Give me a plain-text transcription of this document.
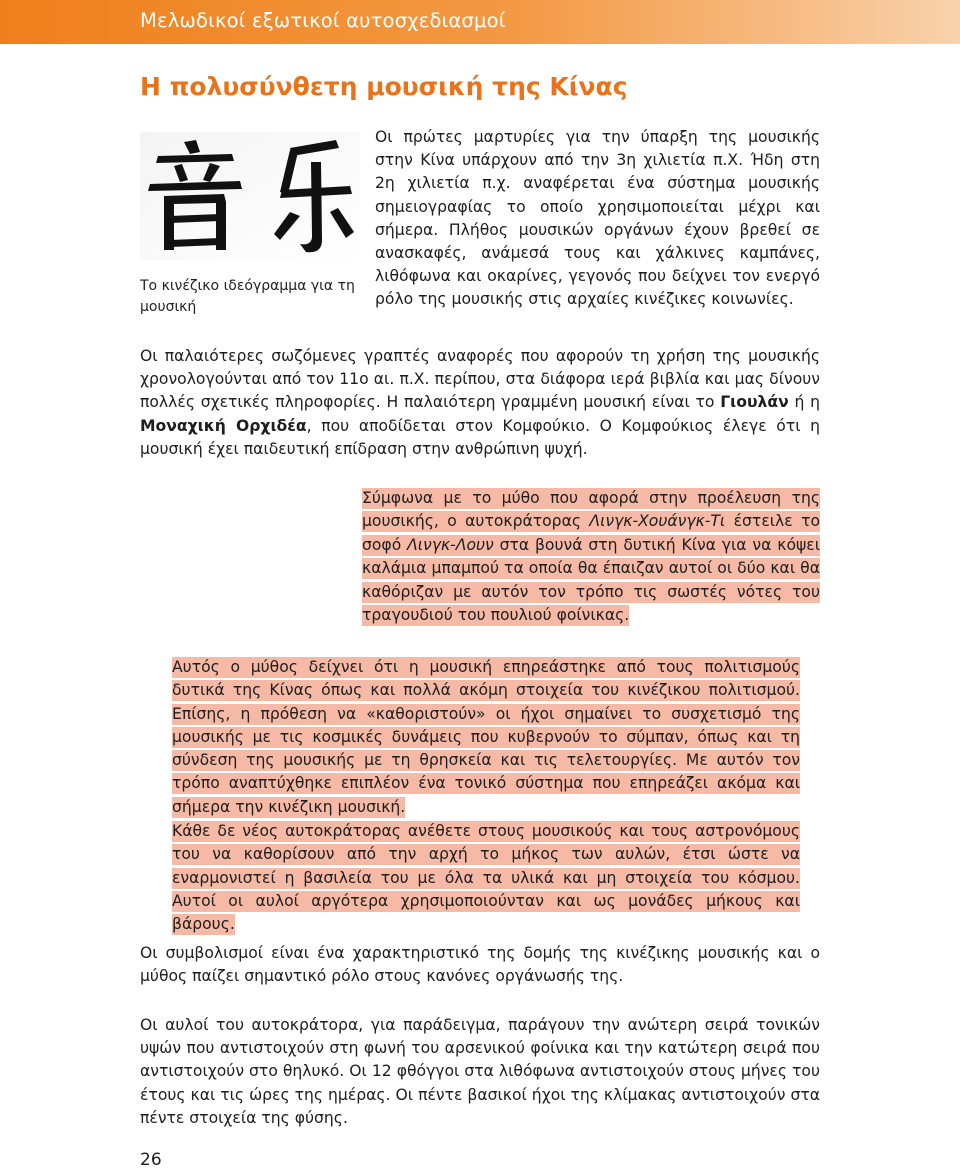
Μελωδικοί εξωτικοί αυτοσχεδιασμοί
Η πολυσύνθετη μουσική της Κίνας
Το κινέζικο ιδεόγραμμα για τη μουσική

Οι πρώτες μαρτυρίες για την ύπαρξη της μουσικής στην Κίνα υπάρχουν από την 3η χιλιετία π.Χ. Ήδη στη 2η χιλιετία π.χ. αναφέρεται ένα σύστημα μουσικής σημειογραφίας το οποίο χρησιμοποιείται μέχρι και σήμερα. Πλήθος μουσικών οργάνων έχουν βρεθεί σε ανασκαφές, ανάμεσά τους και χάλκινες καμπάνες, λιθόφωνα και οκαρίνες, γεγονός που δείχνει τον ενεργό ρόλο της μουσικής στις αρχαίες κινέζικες κοινωνίες.

Οι παλαιότερες σωζόμενες γραπτές αναφορές που αφορούν τη χρήση της μουσικής χρονολογούνται από τον 11ο αι. π.Χ. περίπου, στα διάφορα ιερά βιβλία και μας δίνουν πολλές σχετικές πληροφορίες. Η παλαιότερη γραμμένη μουσική είναι το Γιουλάν ή η Μοναχική Ορχιδέα, που αποδίδεται στον Κομφούκιο. Ο Κομφούκιος έλεγε ότι η μουσική έχει παιδευτική επίδραση στην ανθρώπινη ψυχή.

Σύμφωνα με το μύθο που αφορά στην προέλευση της μουσικής, ο αυτοκράτορας Λινγκ-Χουάνγκ-Τι έστειλε το σοφό Λινγκ-Λουν στα βουνά στη δυτική Κίνα για να κόψει καλάμια μπαμπού τα οποία θα έπαιζαν αυτοί οι δύο και θα καθόριζαν με αυτόν τον τρόπο τις σωστές νότες του τραγουδιού του πουλιού φοίνικας.

Αυτός ο μύθος δείχνει ότι η μουσική επηρεάστηκε από τους πολιτισμούς δυτικά της Κίνας όπως και πολλά ακόμη στοιχεία του κινέζικου πολιτισμού. Επίσης, η πρόθεση να «καθοριστούν» οι ήχοι σημαίνει το συσχετισμό της μουσικής με τις κοσμικές δυνάμεις που κυβερνούν το σύμπαν, όπως και τη σύνδεση της μουσικής με τη θρησκεία και τις τελετουργίες. Με αυτόν τον τρόπο αναπτύχθηκε επιπλέον ένα τονικό σύστημα που επηρεάζει ακόμα και σήμερα την κινέζικη μουσική.

Κάθε δε νέος αυτοκράτορας ανέθετε στους μουσικούς και τους αστρονόμους του να καθορίσουν από την αρχή το μήκος των αυλών, έτσι ώστε να εναρμονιστεί η βασιλεία του με όλα τα υλικά και μη στοιχεία του κόσμου. Αυτοί οι αυλοί αργότερα χρησιμοποιούνταν και ως μονάδες μήκους και βάρους.

Οι συμβολισμοί είναι ένα χαρακτηριστικό της δομής της κινέζικης μουσικής και ο μύθος παίζει σημαντικό ρόλο στους κανόνες οργάνωσής της.

Οι αυλοί του αυτοκράτορα, για παράδειγμα, παράγουν την ανώτερη σειρά τονικών υψών που αντιστοιχούν στη φωνή του αρσενικού φοίνικα και την κατώτερη σειρά που αντιστοιχούν στο θηλυκό. Οι 12 φθόγγοι στα λιθόφωνα αντιστοιχούν στους μήνες του έτους και τις ώρες της ημέρας. Οι πέντε βασικοί ήχοι της κλίμακας αντιστοιχούν στα πέντε στοιχεία της φύσης.

26
